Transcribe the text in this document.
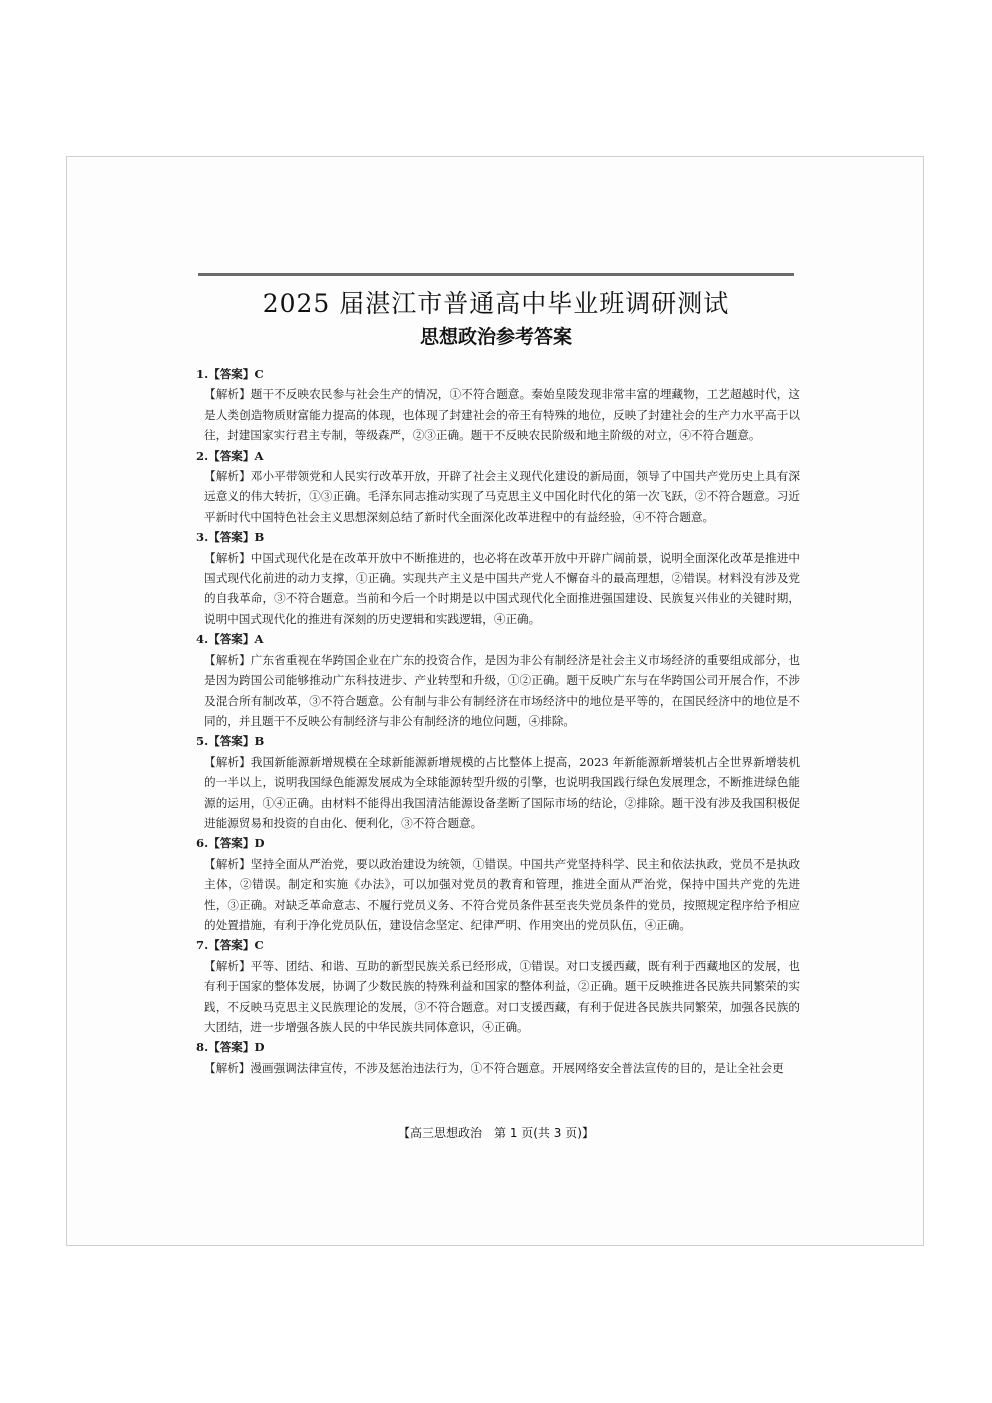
2025 届湛江市普通高中毕业班调研测试
思想政治参考答案
1.【答案】C
【解析】题干不反映农民参与社会生产的情况，①不符合题意。秦始皇陵发现非常丰富的埋藏物，工艺超越时代，这是人类创造物质财富能力提高的体现，也体现了封建社会的帝王有特殊的地位，反映了封建社会的生产力水平高于以往，封建国家实行君主专制，等级森严，②③正确。题干不反映农民阶级和地主阶级的对立，④不符合题意。
2.【答案】A
【解析】邓小平带领党和人民实行改革开放，开辟了社会主义现代化建设的新局面，领导了中国共产党历史上具有深远意义的伟大转折，①③正确。毛泽东同志推动实现了马克思主义中国化时代化的第一次飞跃，②不符合题意。习近平新时代中国特色社会主义思想深刻总结了新时代全面深化改革进程中的有益经验，④不符合题意。
3.【答案】B
【解析】中国式现代化是在改革开放中不断推进的，也必将在改革开放中开辟广阔前景，说明全面深化改革是推进中国式现代化前进的动力支撑，①正确。实现共产主义是中国共产党人不懈奋斗的最高理想，②错误。材料没有涉及党的自我革命，③不符合题意。当前和今后一个时期是以中国式现代化全面推进强国建设、民族复兴伟业的关键时期，说明中国式现代化的推进有深刻的历史逻辑和实践逻辑，④正确。
4.【答案】A
【解析】广东省重视在华跨国企业在广东的投资合作，是因为非公有制经济是社会主义市场经济的重要组成部分，也是因为跨国公司能够推动广东科技进步、产业转型和升级，①②正确。题干反映广东与在华跨国公司开展合作，不涉及混合所有制改革，③不符合题意。公有制与非公有制经济在市场经济中的地位是平等的，在国民经济中的地位是不同的，并且题干不反映公有制经济与非公有制经济的地位问题，④排除。
5.【答案】B
【解析】我国新能源新增规模在全球新能源新增规模的占比整体上提高，2023 年新能源新增装机占全世界新增装机的一半以上，说明我国绿色能源发展成为全球能源转型升级的引擎，也说明我国践行绿色发展理念，不断推进绿色能源的运用，①④正确。由材料不能得出我国清洁能源设备垄断了国际市场的结论，②排除。题干没有涉及我国积极促进能源贸易和投资的自由化、便利化，③不符合题意。
6.【答案】D
【解析】坚持全面从严治党，要以政治建设为统领，①错误。中国共产党坚持科学、民主和依法执政，党员不是执政主体，②错误。制定和实施《办法》，可以加强对党员的教育和管理，推进全面从严治党，保持中国共产党的先进性，③正确。对缺乏革命意志、不履行党员义务、不符合党员条件甚至丧失党员条件的党员，按照规定程序给予相应的处置措施，有利于净化党员队伍，建设信念坚定、纪律严明、作用突出的党员队伍，④正确。
7.【答案】C
【解析】平等、团结、和谐、互助的新型民族关系已经形成，①错误。对口支援西藏，既有利于西藏地区的发展，也有利于国家的整体发展，协调了少数民族的特殊利益和国家的整体利益，②正确。题干反映推进各民族共同繁荣的实践，不反映马克思主义民族理论的发展，③不符合题意。对口支援西藏，有利于促进各民族共同繁荣，加强各民族的大团结，进一步增强各族人民的中华民族共同体意识，④正确。
8.【答案】D
【解析】漫画强调法律宣传，不涉及惩治违法行为，①不符合题意。开展网络安全普法宣传的目的，是让全社会更
【高三思想政治　第 1 页(共 3 页)】
